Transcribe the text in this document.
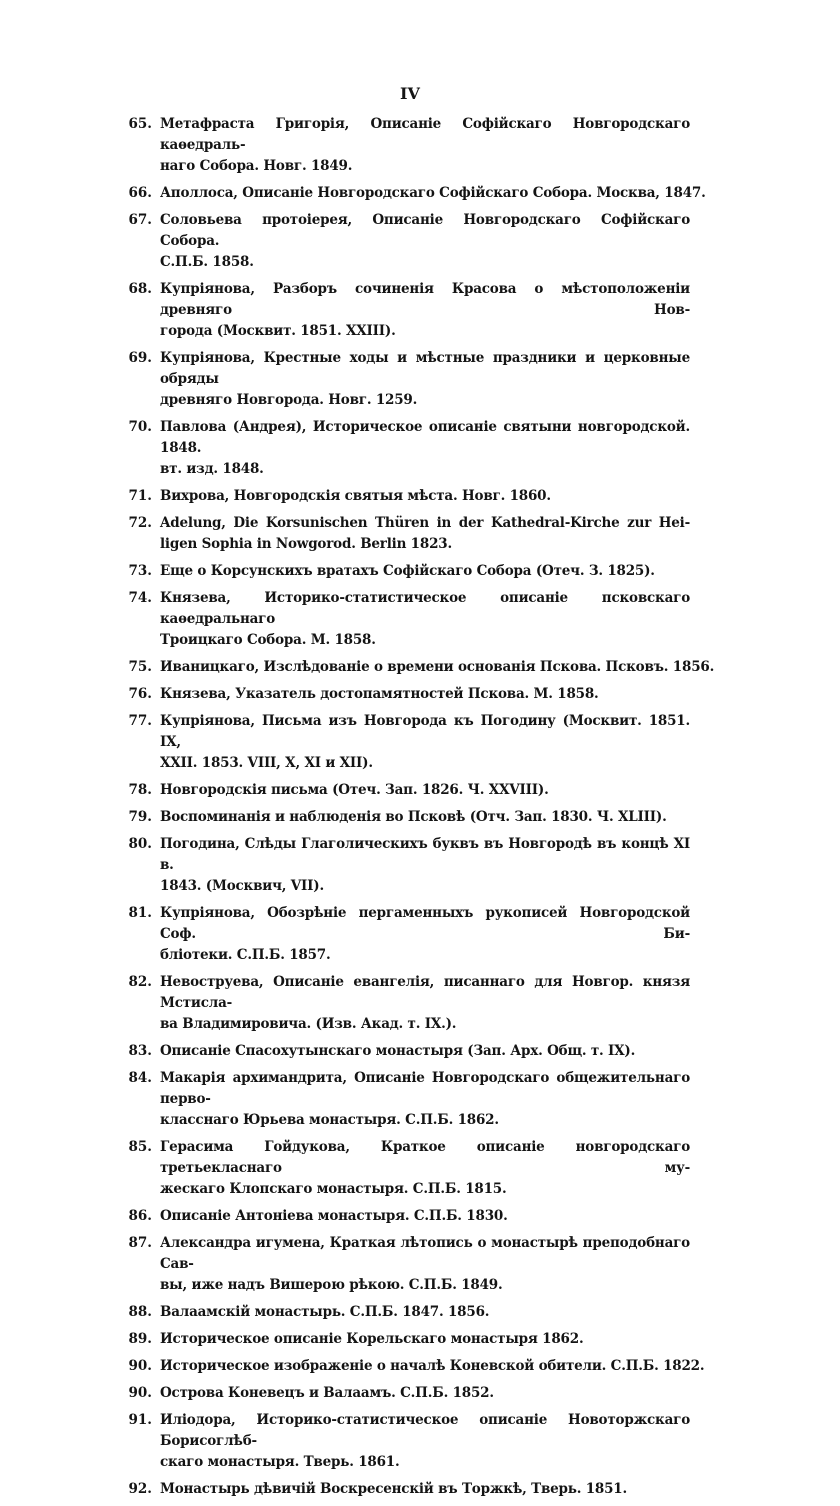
IV
65. Метафраста Григорія, Описаніе Софійскаго Новгородскаго каѳедраль-
наго Собора. Новг. 1849.
66. Аполлоса, Описаніе Новгородскаго Софійскаго Собора. Москва, 1847.
67. Соловьева протоіерея, Описаніе Новгородскаго Софійскаго Собора.
С.П.Б. 1858.
68. Купріянова, Разборъ сочиненія Красова о мѣстоположеніи древняго Нов-
города (Москвит. 1851. XXIII).
69. Купріянова, Крестные ходы и мѣстные праздники и церковные обряды
древняго Новгорода. Новг. 1259.
70. Павлова (Андрея), Историческое описаніе святыни новгородской. 1848.
вт. изд. 1848.
71. Вихрова, Новгородскія святыя мѣста. Новг. 1860.
72. Adelung, Die Korsunischen Thüren in der Kathedral-Kirche zur Hei-
ligen Sophia in Nowgorod. Berlin 1823.
73. Еще о Корсунскихъ вратахъ Софійскаго Собора (Отеч. З. 1825).
74. Князева, Историко-статистическое описаніе псковскаго каѳедральнаго
Троицкаго Собора. М. 1858.
75. Иваницкаго, Изслѣдованіе о времени основанія Пскова. Псковъ. 1856.
76. Князева, Указатель достопамятностей Пскова. М. 1858.
77. Купріянова, Письма изъ Новгорода къ Погодину (Москвит. 1851. IX,
XXII. 1853. VIII, X, XI и XII).
78. Новгородскія письма (Отеч. Зап. 1826. Ч. XXVIII).
79. Воспоминанія и наблюденія во Псковѣ (Отч. Зап. 1830. Ч. XLIII).
80. Погодина, Слѣды Глаголическихъ буквъ въ Новгородѣ въ концѣ XI в.
1843. (Москвич, VII).
81. Купріянова, Обозрѣніе пергаменныхъ рукописей Новгородской Соф. Би-
бліотеки. С.П.Б. 1857.
82. Невоструева, Описаніе евангелія, писаннаго для Новгор. князя Мстисла-
ва Владимировича. (Изв. Акад. т. IX.).
83. Описаніе Спасохутынскаго монастыря (Зап. Арх. Общ. т. IX).
84. Макарія архимандрита, Описаніе Новгородскаго общежительнаго перво-
класснаго Юрьева монастыря. С.П.Б. 1862.
85. Герасима Гойдукова, Краткое описаніе новгородскаго третьекласнаго му-
жескаго Клопскаго монастыря. С.П.Б. 1815.
86. Описаніе Антоніева монастыря. С.П.Б. 1830.
87. Александра игумена, Краткая лѣтопись о монастырѣ преподобнаго Сав-
вы, иже надъ Вишерою рѣкою. С.П.Б. 1849.
88. Валаамскій монастырь. С.П.Б. 1847. 1856.
89. Историческое описаніе Корельскаго монастыря 1862.
90. Историческое изображеніе о началѣ Коневской обители. С.П.Б. 1822.
90. Острова Коневецъ и Валаамъ. С.П.Б. 1852.
91. Иліодора, Историко-статистическое описаніе Новоторжскаго Борисоглѣб-
скаго монастыря. Тверь. 1861.
92. Монастырь дѣвичій Воскресенскій въ Торжкѣ, Тверь. 1851.
